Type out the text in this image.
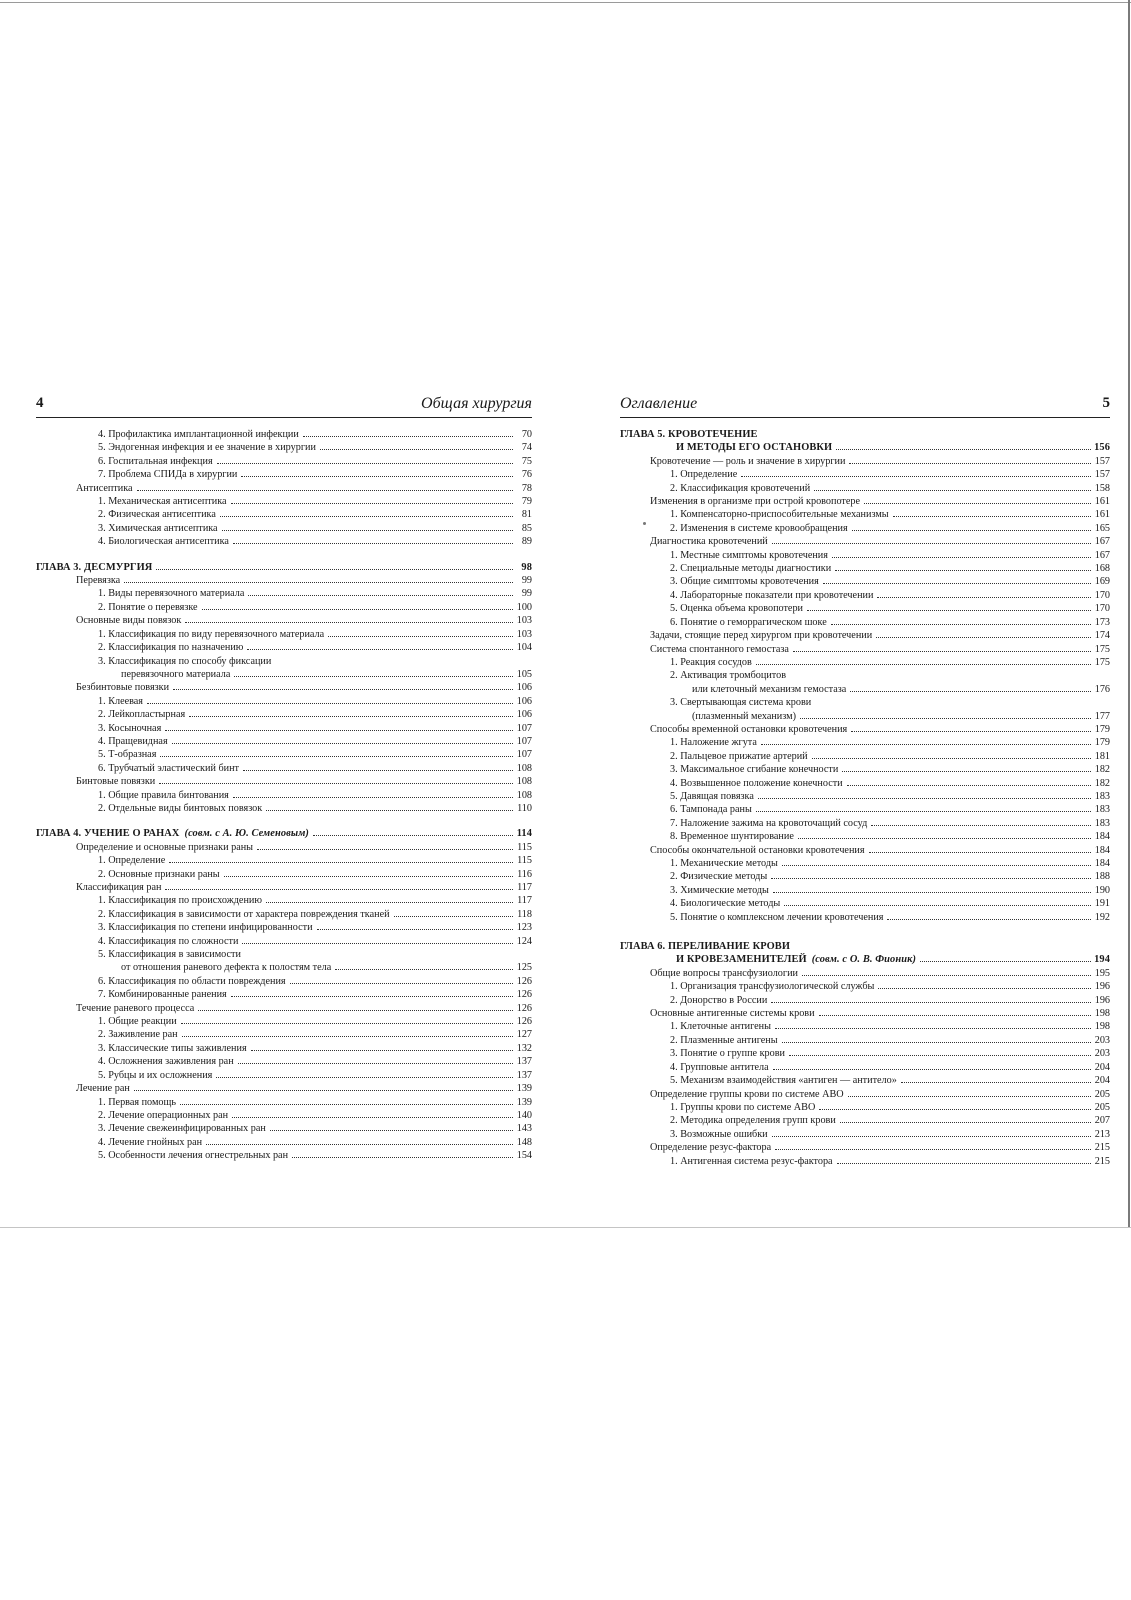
4	Общая хирургия
4. Профилактика имплантационной инфекции	70
5. Эндогенная инфекция и ее значение в хирургии	74
6. Госпитальная инфекция	75
7. Проблема СПИДа в хирургии	76
Антисептика	78
1. Механическая антисептика	79
2. Физическая антисептика	81
3. Химическая антисептика	85
4. Биологическая антисептика	89
ГЛАВА 3. ДЕСМУРГИЯ	98
Перевязка	99
1. Виды перевязочного материала	99
2. Понятие о перевязке	100
Основные виды повязок	103
1. Классификация по виду перевязочного материала	103
2. Классификация по назначению	104
3. Классификация по способу фиксации
перевязочного материала	105
Безбинтовые повязки	106
1. Клеевая	106
2. Лейкопластырная	106
3. Косыночная	107
4. Пращевидная	107
5. Т-образная	107
6. Трубчатый эластический бинт	108
Бинтовые повязки	108
1. Общие правила бинтования	108
2. Отдельные виды бинтовых повязок	110
ГЛАВА 4. УЧЕНИЕ О РАНАХ (совм. с А. Ю. Семеновым)	114
Определение и основные признаки раны	115
1. Определение	115
2. Основные признаки раны	116
Классификация ран	117
1. Классификация по происхождению	117
2. Классификация в зависимости от характера повреждения тканей	118
3. Классификация по степени инфицированности	123
4. Классификация по сложности	124
5. Классификация в зависимости
от отношения раневого дефекта к полостям тела	125
6. Классификация по области повреждения	126
7. Комбинированные ранения	126
Течение раневого процесса	126
1. Общие реакции	126
2. Заживление ран	127
3. Классические типы заживления	132
4. Осложнения заживления ран	137
5. Рубцы и их осложнения	137
Лечение ран	139
1. Первая помощь	139
2. Лечение операционных ран	140
3. Лечение свежеинфицированных ран	143
4. Лечение гнойных ран	148
5. Особенности лечения огнестрельных ран	154
Оглавление	5
ГЛАВА 5. КРОВОТЕЧЕНИЕ
И МЕТОДЫ ЕГО ОСТАНОВКИ	156
Кровотечение — роль и значение в хирургии	157
1. Определение	157
2. Классификация кровотечений	158
Изменения в организме при острой кровопотере	161
1. Компенсаторно-приспособительные механизмы	161
2. Изменения в системе кровообращения	165
Диагностика кровотечений	167
1. Местные симптомы кровотечения	167
2. Специальные методы диагностики	168
3. Общие симптомы кровотечения	169
4. Лабораторные показатели при кровотечении	170
5. Оценка объема кровопотери	170
6. Понятие о геморрагическом шоке	173
Задачи, стоящие перед хирургом при кровотечении	174
Система спонтанного гемостаза	175
1. Реакция сосудов	175
2. Активация тромбоцитов
или клеточный механизм гемостаза	176
3. Свертывающая система крови
(плазменный механизм)	177
Способы временной остановки кровотечения	179
1. Наложение жгута	179
2. Пальцевое прижатие артерий	181
3. Максимальное сгибание конечности	182
4. Возвышенное положение конечности	182
5. Давящая повязка	183
6. Тампонада раны	183
7. Наложение зажима на кровоточащий сосуд	183
8. Временное шунтирование	184
Способы окончательной остановки кровотечения	184
1. Механические методы	184
2. Физические методы	188
3. Химические методы	190
4. Биологические методы	191
5. Понятие о комплексном лечении кровотечения	192
ГЛАВА 6. ПЕРЕЛИВАНИЕ КРОВИ
И КРОВЕЗАМЕНИТЕЛЕЙ (совм. с О. В. Фионик)	194
Общие вопросы трансфузиологии	195
1. Организация трансфузиологической службы	196
2. Донорство в России	196
Основные антигенные системы крови	198
1. Клеточные антигены	198
2. Плазменные антигены	203
3. Понятие о группе крови	203
4. Групповые антитела	204
5. Механизм взаимодействия «антиген — антитело»	204
Определение группы крови по системе АВО	205
1. Группы крови по системе АВО	205
2. Методика определения групп крови	207
3. Возможные ошибки	213
Определение резус-фактора	215
1. Антигенная система резус-фактора	215
